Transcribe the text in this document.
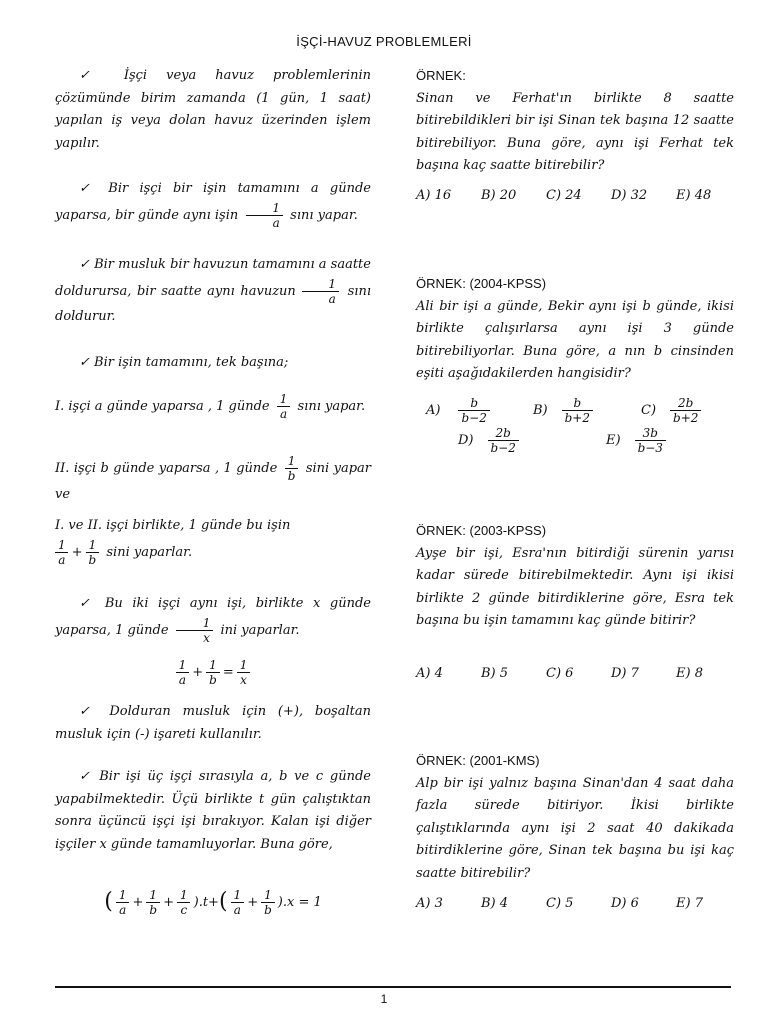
İŞÇİ-HAVUZ PROBLEMLERİ
✓ İşçi veya havuz problemlerinin çözümünde birim zamanda (1 gün, 1 saat) yapılan iş veya dolan havuz üzerinden işlem yapılır.
✓ Bir işçi bir işin tamamını a günde yaparsa, bir günde aynı işin $\frac{1}{a}$ sını yapar.
✓ Bir musluk bir havuzun tamamını a saatte doldurursa, bir saatte aynı havuzun $\frac{1}{a}$ sını doldurur.
✓ Bir işin tamamını, tek başına;
I. işçi a günde yaparsa , 1 günde $\frac{1}{a}$ sını yapar.
II. işçi b günde yaparsa , 1 günde $\frac{1}{b}$ sini yapar ve
I. ve II. işçi birlikte, 1 günde bu işin

$\frac{1}{a} + \frac{1}{b}$ sini yaparlar.
✓ Bu iki işçi aynı işi, birlikte x günde yaparsa, 1 günde $\frac{1}{x}$ ini yaparlar.
$\frac{1}{a} + \frac{1}{b} = \frac{1}{x}$
✓ Dolduran musluk için (+), boşaltan musluk için (-) işareti kullanılır.
✓ Bir işi üç işçi sırasıyla a, b ve c günde yapabilmektedir. Üçü birlikte t gün çalıştıktan sonra üçüncü işçi işi bırakıyor. Kalan işi diğer işçiler x günde tamamluyorlar. Buna göre,
( $\frac{1}{a} + \frac{1}{b} + \frac{1}{c} ).t+( \frac{1}{a} + \frac{1}{b} ).x = 1$
ÖRNEK:
Sinan ve Ferhat'ın birlikte 8 saatte bitirebildikleri bir işi Sinan tek başına 12 saatte bitirebiliyor. Buna göre, aynı işi Ferhat tek başına kaç saatte bitirebilir?
A) 16	B) 20	C) 24	D) 32	E) 48
ÖRNEK: (2004-KPSS)
Ali bir işi a günde, Bekir aynı işi b günde, ikisi birlikte çalışırlarsa aynı işi 3 günde bitirebiliyorlar. Buna göre, a nın b cinsinden eşiti aşağıdakilerden hangisidir?
$A) \frac{b}{b-2}$	$B) \frac{b}{b+2}$	$C) \frac{2b}{b+2}$
$D) \frac{2b}{b-2}$	$E) \frac{3b}{b-3}$
ÖRNEK: (2003-KPSS)
Ayşe bir işi, Esra'nın bitirdiği sürenin yarısı kadar sürede bitirebilmektedir. Aynı işi ikisi birlikte 2 günde bitirdiklerine göre, Esra tek başına bu işin tamamını kaç günde bitirir?
A) 4	B) 5	C) 6	D) 7	E) 8
ÖRNEK: (2001-KMS)
Alp bir işi yalnız başına Sinan'dan 4 saat daha fazla sürede bitiriyor. İkisi birlikte çalıştıklarında aynı işi 2 saat 40 dakikada bitirdiklerine göre, Sinan tek başına bu işi kaç saatte bitirebilir?
A) 3	B) 4	C) 5	D) 6	E) 7
1
